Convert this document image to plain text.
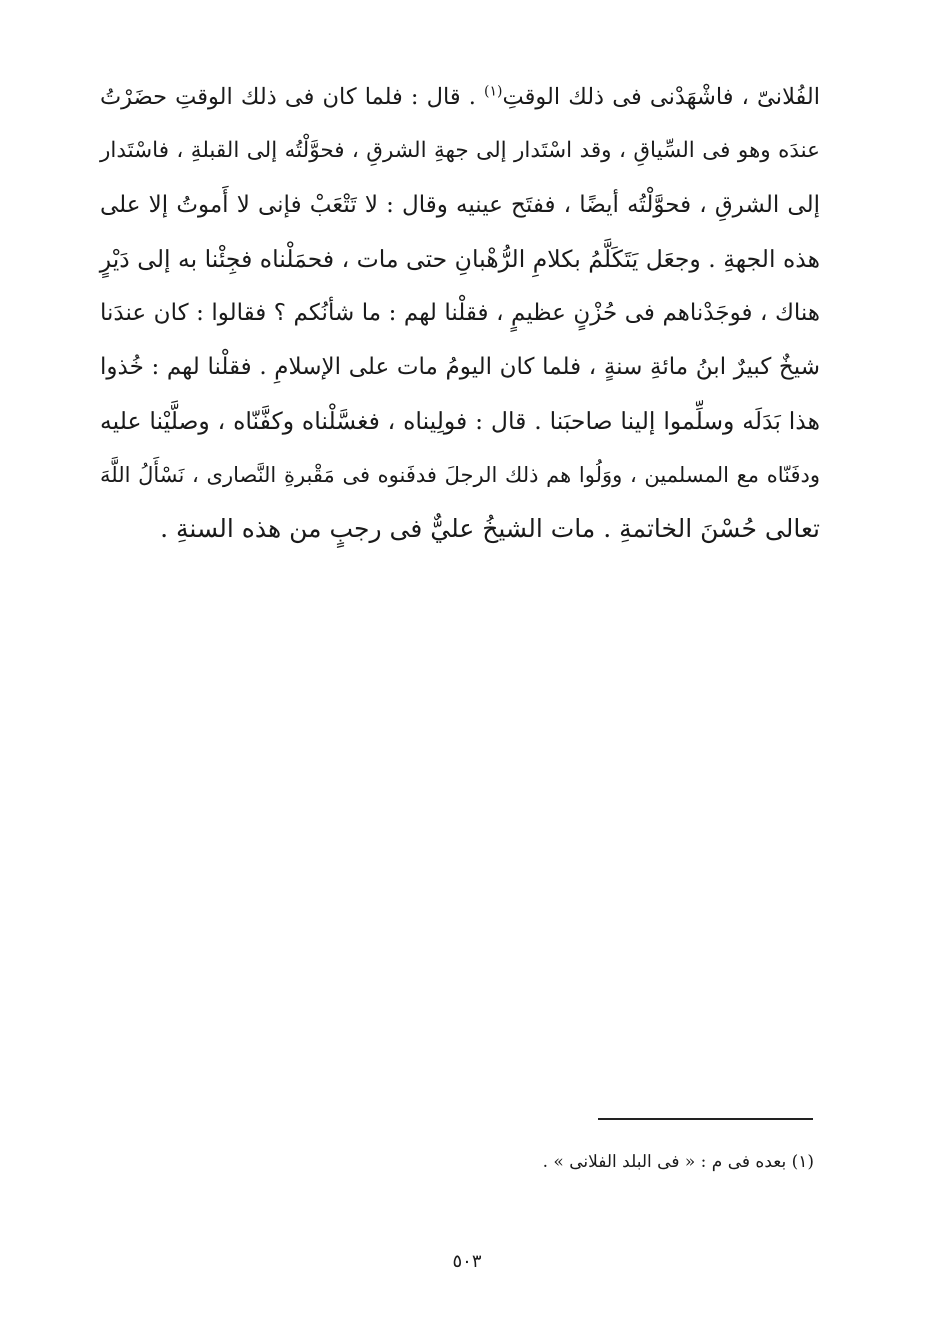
الفُلانىّ ، فاشْهَدْنى فى ذلك الوقتِ$^{(١)}$ . قال : فلما كان فى ذلك الوقتِ حضَرْتُ
عندَه وهو فى السِّياقِ ، وقد اسْتَدار إلى جهةِ الشرقِ ، فحوَّلْتُه إلى القبلةِ ، فاسْتَدار
إلى الشرقِ ، فحوَّلْتُه أيضًا ، ففتَح عينيه وقال : لا تَتْعَبْ فإنى لا أَموتُ إلا على
هذه الجهةِ . وجعَل يَتَكَلَّمُ بكلامِ الرُّهْبانِ حتى مات ، فحمَلْناه فجِئْنا به إلى دَيْرٍ
هناك ، فوجَدْناهم فى حُزْنٍ عظيمٍ ، فقلْنا لهم : ما شأنُكم ؟ فقالوا : كان عندَنا
شيخٌ كبيرٌ ابنُ مائةِ سنةٍ ، فلما كان اليومُ مات على الإسلامِ . فقلْنا لهم : خُذوا
هذا بَدَلَه وسلِّموا إلينا صاحبَنا . قال : فولِيناه ، فغسَّلْناه وكفَّنّاه ، وصلَّيْنا عليه
ودفَنّاه مع المسلمين ، ووَلُوا هم ذلك الرجلَ فدفَنوه فى مَقْبرةِ النَّصارى ، نَسْأَلُ اللَّهَ
تعالى حُسْنَ الخاتمةِ . مات الشيخُ عليٌّ فى رجبٍ من هذه السنةِ .
(١) بعده فى م : « فى البلد الفلانى » .
٥٠٣
